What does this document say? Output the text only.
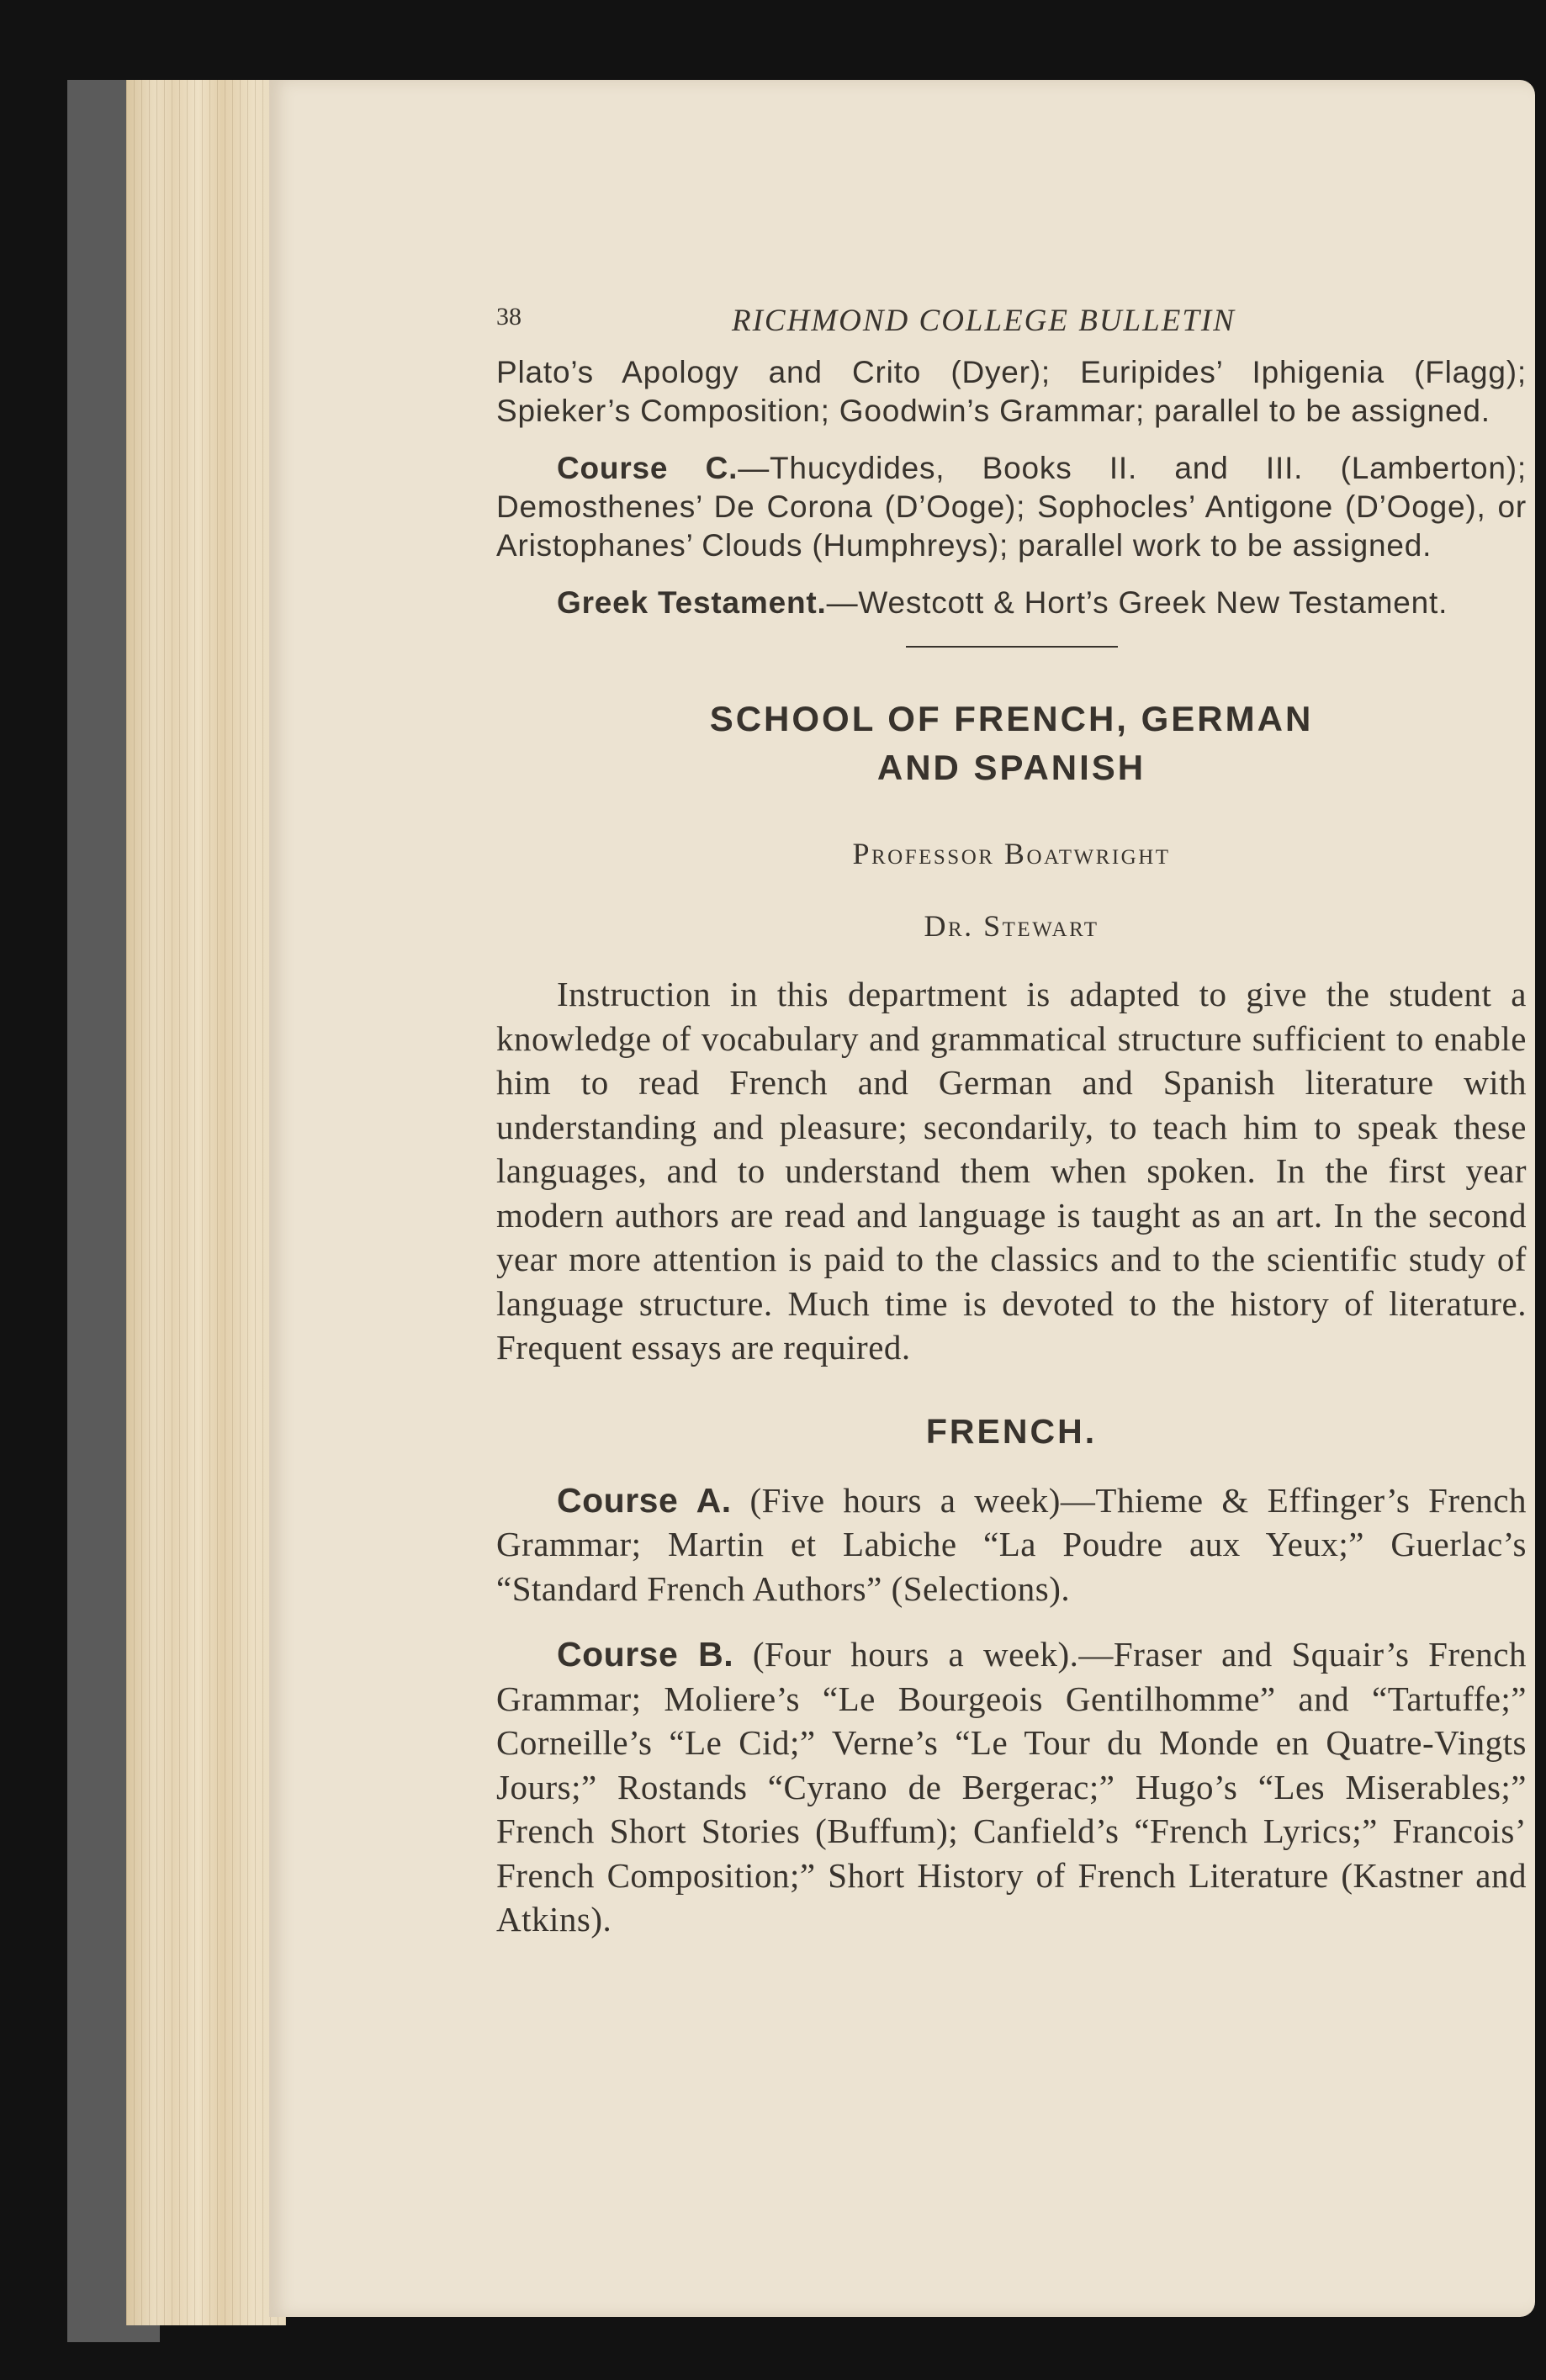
38	RICHMOND COLLEGE BULLETIN

Plato’s Apology and Crito (Dyer); Euripides’ Iphigenia (Flagg); Spieker’s Composition; Goodwin’s Grammar; parallel to be assigned.

Course C.—Thucydides, Books II. and III. (Lamberton); Demosthenes’ De Corona (D’Ooge); Sophocles’ Antigone (D’Ooge), or Aristophanes’ Clouds (Humphreys); parallel work to be assigned.

Greek Testament.—Westcott & Hort’s Greek New Testament.

SCHOOL OF FRENCH, GERMAN
AND SPANISH
Professor Boatwright
Dr. Stewart

Instruction in this department is adapted to give the student a knowledge of vocabulary and grammatical structure sufficient to enable him to read French and German and Spanish literature with understanding and pleasure; secondarily, to teach him to speak these languages, and to understand them when spoken. In the first year modern authors are read and language is taught as an art. In the second year more attention is paid to the classics and to the scientific study of language structure. Much time is devoted to the history of literature. Frequent essays are required.

FRENCH.

Course A. (Five hours a week)—Thieme & Effinger’s French Grammar; Martin et Labiche “La Poudre aux Yeux;” Guerlac’s “Standard French Authors” (Selections).

Course B. (Four hours a week).—Fraser and Squair’s French Grammar; Moliere’s “Le Bourgeois Gentilhomme” and “Tartuffe;” Corneille’s “Le Cid;” Verne’s “Le Tour du Monde en Quatre-Vingts Jours;” Rostands “Cyrano de Bergerac;” Hugo’s “Les Miserables;” French Short Stories (Buffum); Canfield’s “French Lyrics;” Francois’ French Composition;” Short History of French Literature (Kastner and Atkins).
